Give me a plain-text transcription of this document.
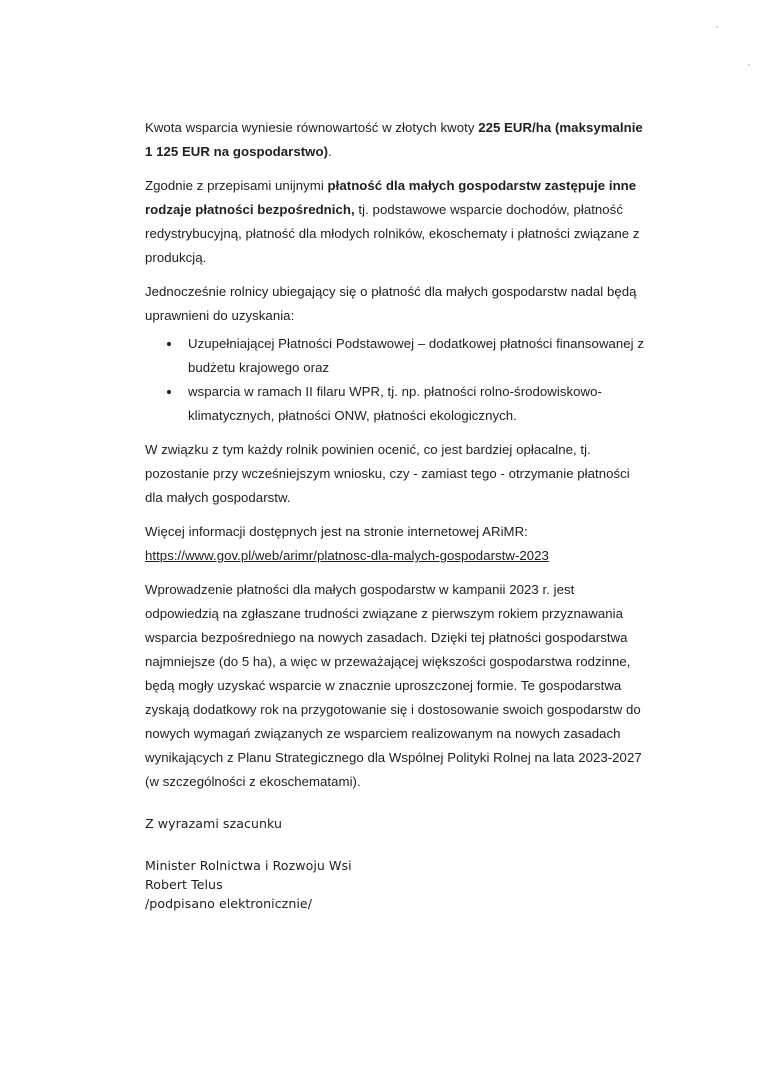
Kwota wsparcia wyniesie równowartość w złotych kwoty 225 EUR/ha (maksymalnie 1 125 EUR na gospodarstwo).

Zgodnie z przepisami unijnymi płatność dla małych gospodarstw zastępuje inne rodzaje płatności bezpośrednich, tj. podstawowe wsparcie dochodów, płatność redystrybucyjną, płatność dla młodych rolników, ekoschematy i płatności związane z produkcją.

Jednocześnie rolnicy ubiegający się o płatność dla małych gospodarstw nadal będą uprawnieni do uzyskania:

Uzupełniającej Płatności Podstawowej – dodatkowej płatności finansowanej z budżetu krajowego oraz
wsparcia w ramach II filaru WPR, tj. np. płatności rolno-środowiskowo-klimatycznych, płatności ONW, płatności ekologicznych.

W związku z tym każdy rolnik powinien ocenić, co jest bardziej opłacalne, tj. pozostanie przy wcześniejszym wniosku, czy - zamiast tego - otrzymanie płatności dla małych gospodarstw.

Więcej informacji dostępnych jest na stronie internetowej ARiMR:
https://www.gov.pl/web/arimr/platnosc-dla-malych-gospodarstw-2023

Wprowadzenie płatności dla małych gospodarstw w kampanii 2023 r. jest odpowiedzią na zgłaszane trudności związane z pierwszym rokiem przyznawania wsparcia bezpośredniego na nowych zasadach. Dzięki tej płatności gospodarstwa najmniejsze (do 5 ha), a więc w przeważającej większości gospodarstwa rodzinne, będą mogły uzyskać wsparcie w znacznie uproszczonej formie. Te gospodarstwa zyskają dodatkowy rok na przygotowanie się i dostosowanie swoich gospodarstw do nowych wymagań związanych ze wsparciem realizowanym na nowych zasadach wynikających z Planu Strategicznego dla Wspólnej Polityki Rolnej na lata 2023-2027 (w szczególności z ekoschematami).

Z wyrazami szacunku

Minister Rolnictwa i Rozwoju Wsi
Robert Telus
/podpisano elektronicznie/
